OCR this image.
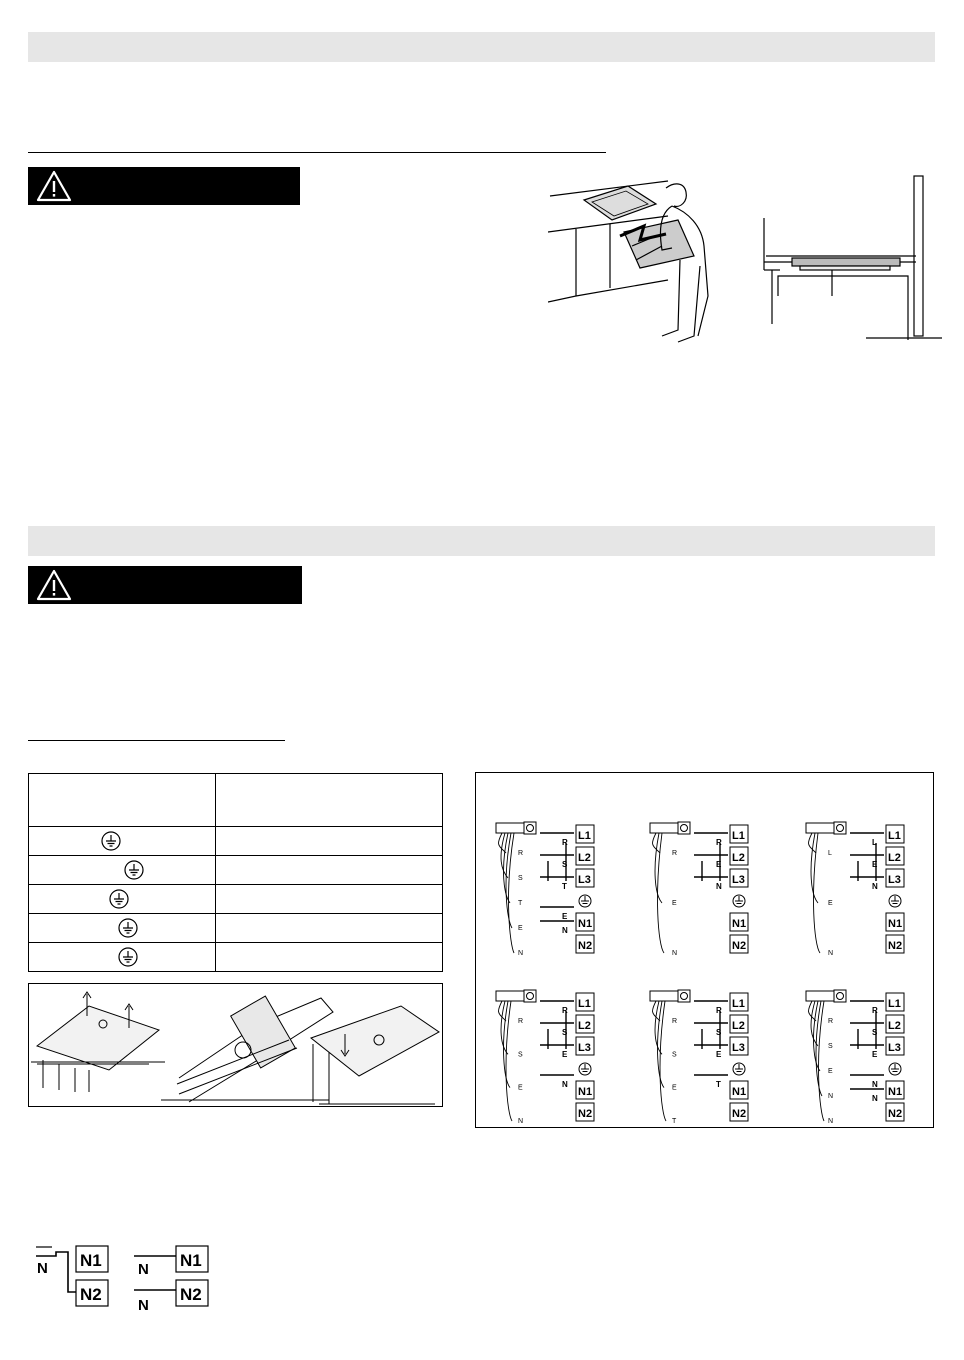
L1
L2
L3
N1
N2
R
S
T
E
N
R
S
T
E
N
L1
L2
L3
N1
N2
R
E
N
R
E
N
L1
L2
L3
N1
N2
L
E
N
L
E
N
L1
L2
L3
N1
N2
R
S
E
N
R
S
E
N
L1
L2
L3
N1
N2
R
S
E
T
R
S
E
T
L1
L2
L3
N1
N2
R
S
E
N
N
R
S
E
N
N
N N1
N2
N
N
N1
N2
